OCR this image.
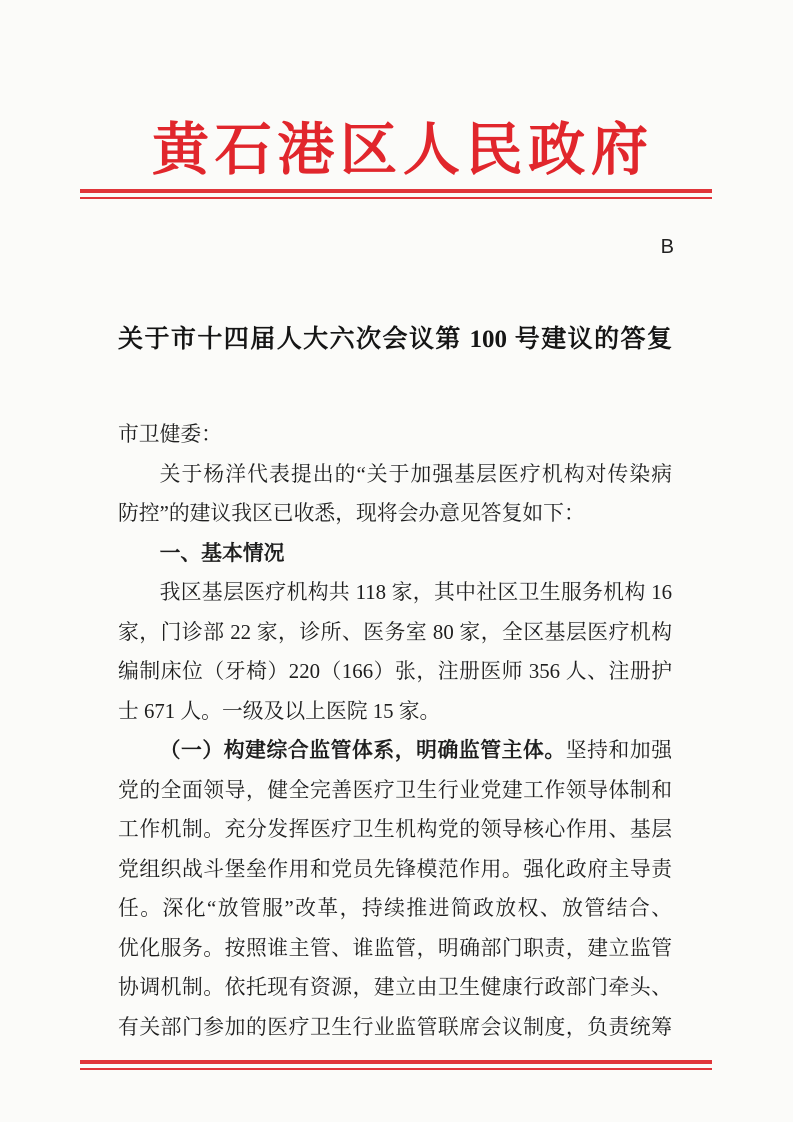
黄石港区人民政府
B
关于市十四届人大六次会议第 100 号建议的答复
市卫健委：
关于杨洋代表提出的“关于加强基层医疗机构对传染病
防控”的建议我区已收悉，现将会办意见答复如下：
一、基本情况
我区基层医疗机构共 118 家，其中社区卫生服务机构 16
家，门诊部 22 家，诊所、医务室 80 家，全区基层医疗机构
编制床位（牙椅）220（166）张，注册医师 356 人、注册护
士 671 人。一级及以上医院 15 家。
（一）构建综合监管体系，明确监管主体。坚持和加强
党的全面领导，健全完善医疗卫生行业党建工作领导体制和
工作机制。充分发挥医疗卫生机构党的领导核心作用、基层
党组织战斗堡垒作用和党员先锋模范作用。强化政府主导责
任。深化“放管服”改革，持续推进简政放权、放管结合、
优化服务。按照谁主管、谁监管，明确部门职责，建立监管
协调机制。依托现有资源，建立由卫生健康行政部门牵头、
有关部门参加的医疗卫生行业监管联席会议制度，负责统筹
